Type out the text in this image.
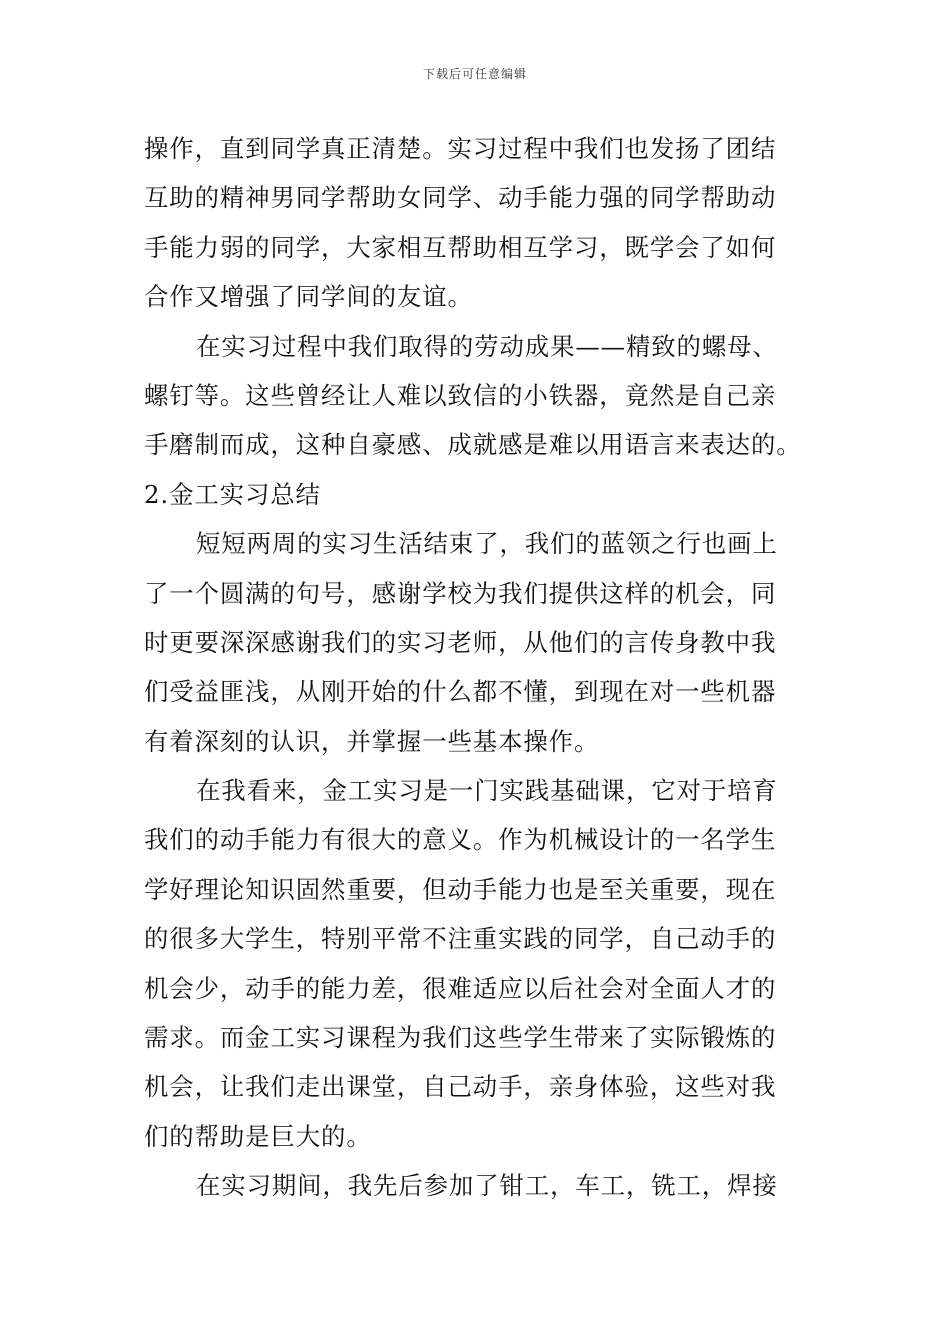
下载后可任意编辑
操作，直到同学真正清楚。实习过程中我们也发扬了团结
互助的精神男同学帮助女同学、动手能力强的同学帮助动
手能力弱的同学，大家相互帮助相互学习，既学会了如何
合作又增强了同学间的友谊。
在实习过程中我们取得的劳动成果——精致的螺母、
螺钉等。这些曾经让人难以致信的小铁器，竟然是自己亲
手磨制而成，这种自豪感、成就感是难以用语言来表达的。
2.金工实习总结
短短两周的实习生活结束了，我们的蓝领之行也画上
了一个圆满的句号，感谢学校为我们提供这样的机会，同
时更要深深感谢我们的实习老师，从他们的言传身教中我
们受益匪浅，从刚开始的什么都不懂，到现在对一些机器
有着深刻的认识，并掌握一些基本操作。
在我看来，金工实习是一门实践基础课，它对于培育
我们的动手能力有很大的意义。作为机械设计的一名学生
学好理论知识固然重要，但动手能力也是至关重要，现在
的很多大学生，特别平常不注重实践的同学，自己动手的
机会少，动手的能力差，很难适应以后社会对全面人才的
需求。而金工实习课程为我们这些学生带来了实际锻炼的
机会，让我们走出课堂，自己动手，亲身体验，这些对我
们的帮助是巨大的。
在实习期间，我先后参加了钳工，车工，铣工，焊接
